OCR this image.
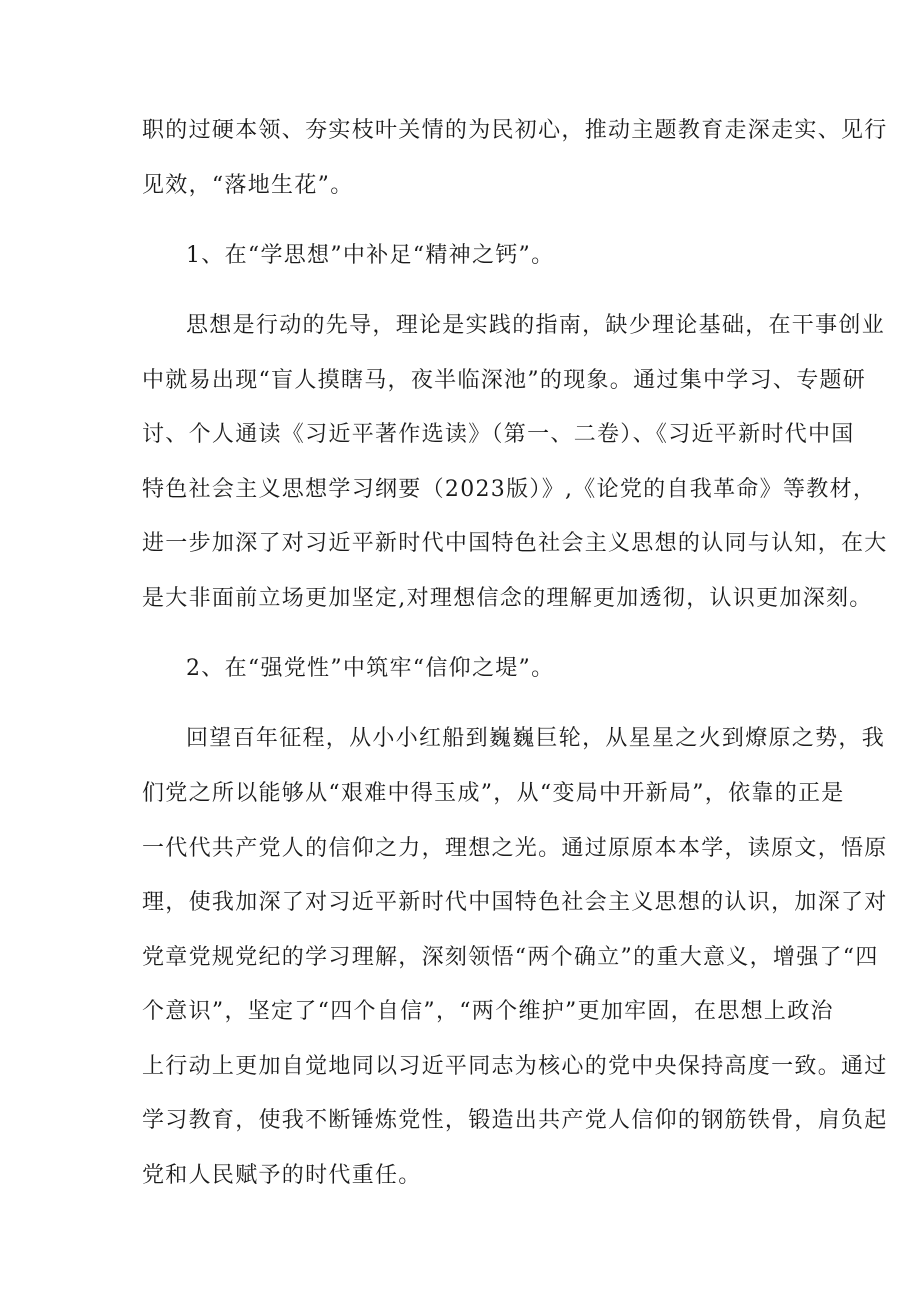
职的过硬本领、夯实枝叶关情的为民初心，推动主题教育走深走实、见行

见效，“落地生花”。

1、在“学思想”中补足“精神之钙”。

思想是行动的先导，理论是实践的指南，缺少理论基础，在干事创业

中就易出现“盲人摸瞎马，夜半临深池”的现象。通过集中学习、专题研

讨、个人通读《习近平著作选读》（第一、二卷）、《习近平新时代中国

特色社会主义思想学习纲要（2023版）》,《论党的自我革命》等教材，

进一步加深了对习近平新时代中国特色社会主义思想的认同与认知，在大

是大非面前立场更加坚定,对理想信念的理解更加透彻，认识更加深刻。

2、在“强党性”中筑牢“信仰之堤”。

回望百年征程，从小小红船到巍巍巨轮，从星星之火到燎原之势，我

们党之所以能够从“艰难中得玉成”，从“变局中开新局”，依靠的正是

一代代共产党人的信仰之力，理想之光。通过原原本本学，读原文，悟原

理，使我加深了对习近平新时代中国特色社会主义思想的认识，加深了对

党章党规党纪的学习理解，深刻领悟“两个确立”的重大意义，增强了“四

个意识”，坚定了“四个自信”，“两个维护”更加牢固，在思想上政治

上行动上更加自觉地同以习近平同志为核心的党中央保持高度一致。通过

学习教育，使我不断锤炼党性，锻造出共产党人信仰的钢筋铁骨，肩负起

党和人民赋予的时代重任。
